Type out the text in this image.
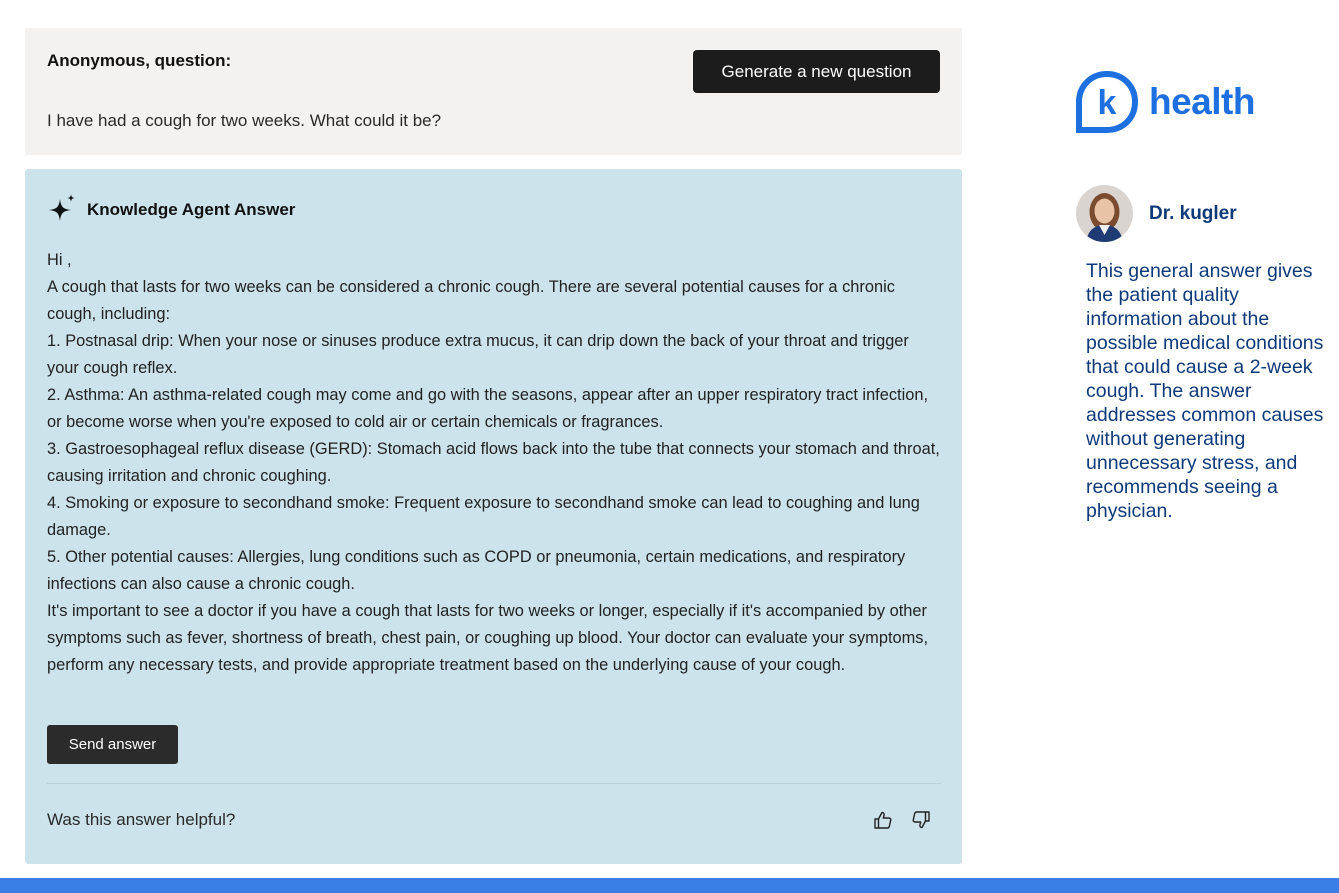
Anonymous, question:
Generate a new question
I have had a cough for two weeks. What could it be?
Knowledge Agent Answer

Hi ,

A cough that lasts for two weeks can be considered a chronic cough. There are several potential causes for a chronic cough, including:

1. Postnasal drip: When your nose or sinuses produce extra mucus, it can drip down the back of your throat and trigger your cough reflex.

2. Asthma: An asthma-related cough may come and go with the seasons, appear after an upper respiratory tract infection, or become worse when you're exposed to cold air or certain chemicals or fragrances.

3. Gastroesophageal reflux disease (GERD): Stomach acid flows back into the tube that connects your stomach and throat, causing irritation and chronic coughing.

4. Smoking or exposure to secondhand smoke: Frequent exposure to secondhand smoke can lead to coughing and lung damage.

5. Other potential causes: Allergies, lung conditions such as COPD or pneumonia, certain medications, and respiratory infections can also cause a chronic cough.

It's important to see a doctor if you have a cough that lasts for two weeks or longer, especially if it's accompanied by other symptoms such as fever, shortness of breath, chest pain, or coughing up blood. Your doctor can evaluate your symptoms, perform any necessary tests, and provide appropriate treatment based on the underlying cause of your cough.

Send answer
Was this answer helpful?
k health
Dr. kugler
This general answer gives the patient quality information about the possible medical conditions that could cause a 2-week cough. The answer addresses common causes without generating unnecessary stress, and recommends seeing a physician.
